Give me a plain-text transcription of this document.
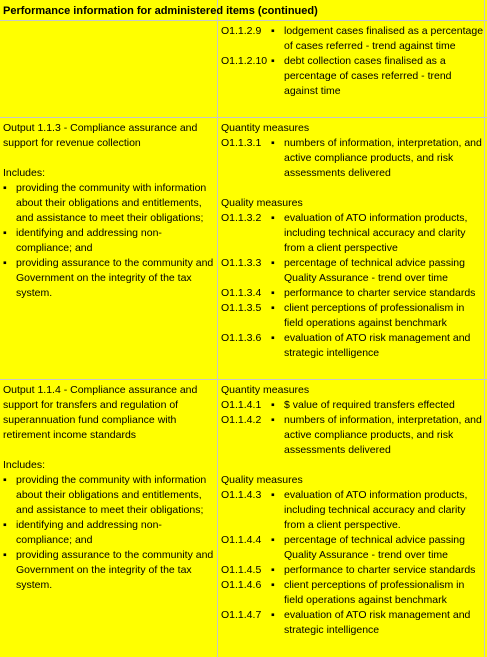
Performance information for administered items (continued)
O1.1.2.9 ▪ lodgement cases finalised as a percentage of cases referred - trend against time
O1.1.2.10 ▪ debt collection cases finalised as a percentage of cases referred - trend against time
Output 1.1.3 - Compliance assurance and support for revenue collection
Includes:
▪ providing the community with information about their obligations and entitlements, and assistance to meet their obligations;
▪ identifying and addressing non-compliance; and
▪ providing assurance to the community and Government on the integrity of the tax system.
Quantity measures
O1.1.3.1 ▪ numbers of information, interpretation, and active compliance products, and risk assessments delivered
Quality measures
O1.1.3.2 ▪ evaluation of ATO information products, including technical accuracy and clarity from a client perspective
O1.1.3.3 ▪ percentage of technical advice passing Quality Assurance - trend over time
O1.1.3.4 ▪ performance to charter service standards
O1.1.3.5 ▪ client perceptions of professionalism in field operations against benchmark
O1.1.3.6 ▪ evaluation of ATO risk management and strategic intelligence
Output 1.1.4 - Compliance assurance and support for transfers and regulation of superannuation fund compliance with retirement income standards
Includes:
▪ providing the community with information about their obligations and entitlements, and assistance to meet their obligations;
▪ identifying and addressing non-compliance; and
▪ providing assurance to the community and Government on the integrity of the tax system.
Quantity measures
O1.1.4.1 ▪ $ value of required transfers effected
O1.1.4.2 ▪ numbers of information, interpretation, and active compliance products, and risk assessments delivered
Quality measures
O1.1.4.3 ▪ evaluation of ATO information products, including technical accuracy and clarity from a client perspective.
O1.1.4.4 ▪ percentage of technical advice passing Quality Assurance - trend over time
O1.1.4.5 ▪ performance to charter service standards
O1.1.4.6 ▪ client perceptions of professionalism in field operations against benchmark
O1.1.4.7 ▪ evaluation of ATO risk management and strategic intelligence
